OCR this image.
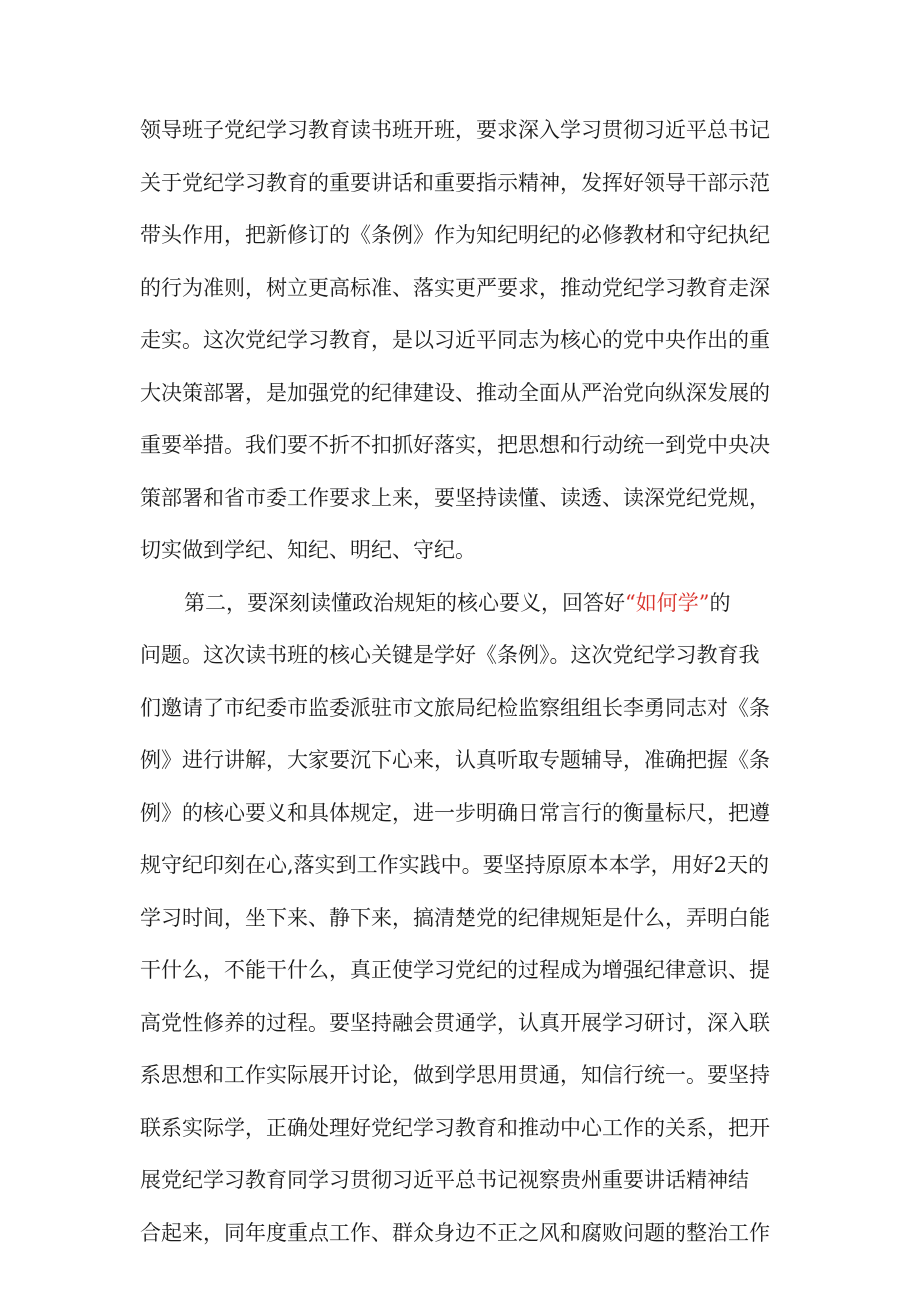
领导班子党纪学习教育读书班开班，要求深入学习贯彻习近平总书记
关于党纪学习教育的重要讲话和重要指示精神，发挥好领导干部示范
带头作用，把新修订的《条例》作为知纪明纪的必修教材和守纪执纪
的行为准则，树立更高标准、落实更严要求，推动党纪学习教育走深
走实。这次党纪学习教育，是以习近平同志为核心的党中央作出的重
大决策部署，是加强党的纪律建设、推动全面从严治党向纵深发展的
重要举措。我们要不折不扣抓好落实，把思想和行动统一到党中央决
策部署和省市委工作要求上来，要坚持读懂、读透、读深党纪党规，
切实做到学纪、知纪、明纪、守纪。
第二，要深刻读懂政治规矩的核心要义，回答好“如何学”的
问题。这次读书班的核心关键是学好《条例》。这次党纪学习教育我
们邀请了市纪委市监委派驻市文旅局纪检监察组组长李勇同志对《条
例》进行讲解，大家要沉下心来，认真听取专题辅导，准确把握《条
例》的核心要义和具体规定，进一步明确日常言行的衡量标尺，把遵
规守纪印刻在心,落实到工作实践中。要坚持原原本本学，用好2天的
学习时间，坐下来、静下来，搞清楚党的纪律规矩是什么，弄明白能
干什么，不能干什么，真正使学习党纪的过程成为增强纪律意识、提
高党性修养的过程。要坚持融会贯通学，认真开展学习研讨，深入联
系思想和工作实际展开讨论，做到学思用贯通，知信行统一。要坚持
联系实际学，正确处理好党纪学习教育和推动中心工作的关系，把开
展党纪学习教育同学习贯彻习近平总书记视察贵州重要讲话精神结
合起来，同年度重点工作、群众身边不正之风和腐败问题的整治工作
